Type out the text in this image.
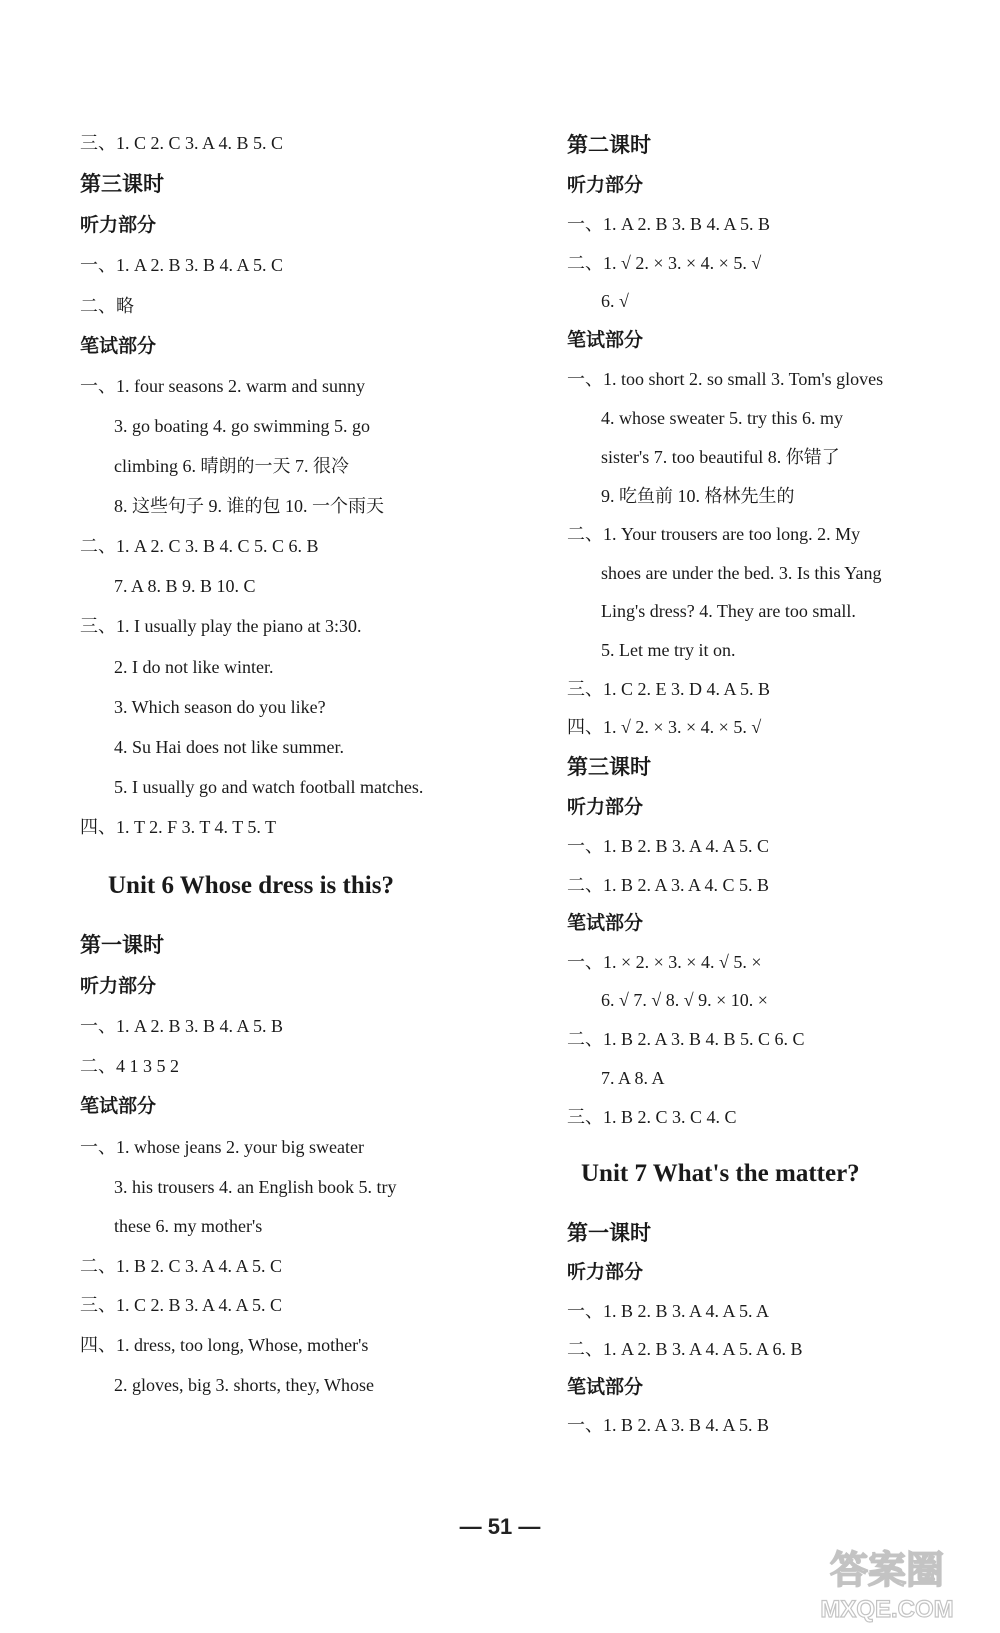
三、1. C 2. C 3. A 4. B 5. C
第三课时
听力部分
一、1. A 2. B 3. B 4. A 5. C
二、略
笔试部分
一、1. four seasons 2. warm and sunny
3. go boating 4. go swimming 5. go
climbing 6. 晴朗的一天 7. 很冷
8. 这些句子 9. 谁的包 10. 一个雨天
二、1. A 2. C 3. B 4. C 5. C 6. B
7. A 8. B 9. B 10. C
三、1. I usually play the piano at 3:30.
2. I do not like winter.
3. Which season do you like?
4. Su Hai does not like summer.
5. I usually go and watch football matches.
四、1. T 2. F 3. T 4. T 5. T
Unit 6 Whose dress is this?
第一课时
听力部分
一、1. A 2. B 3. B 4. A 5. B
二、4 1 3 5 2
笔试部分
一、1. whose jeans 2. your big sweater
3. his trousers 4. an English book 5. try
these 6. my mother's
二、1. B 2. C 3. A 4. A 5. C
三、1. C 2. B 3. A 4. A 5. C
四、1. dress, too long, Whose, mother's
2. gloves, big 3. shorts, they, Whose
第二课时
听力部分
一、1. A 2. B 3. B 4. A 5. B
二、1. √ 2. × 3. × 4. × 5. √
6. √
笔试部分
一、1. too short 2. so small 3. Tom's gloves
4. whose sweater 5. try this 6. my
sister's 7. too beautiful 8. 你错了
9. 吃鱼前 10. 格林先生的
二、1. Your trousers are too long. 2. My
shoes are under the bed. 3. Is this Yang
Ling's dress? 4. They are too small.
5. Let me try it on.
三、1. C 2. E 3. D 4. A 5. B
四、1. √ 2. × 3. × 4. × 5. √
第三课时
听力部分
一、1. B 2. B 3. A 4. A 5. C
二、1. B 2. A 3. A 4. C 5. B
笔试部分
一、1. × 2. × 3. × 4. √ 5. ×
6. √ 7. √ 8. √ 9. × 10. ×
二、1. B 2. A 3. B 4. B 5. C 6. C
7. A 8. A
三、1. B 2. C 3. C 4. C
Unit 7 What's the matter?
第一课时
听力部分
一、1. B 2. B 3. A 4. A 5. A
二、1. A 2. B 3. A 4. A 5. A 6. B
笔试部分
一、1. B 2. A 3. B 4. A 5. B
— 51 —
答案圈
MXQE.COM
